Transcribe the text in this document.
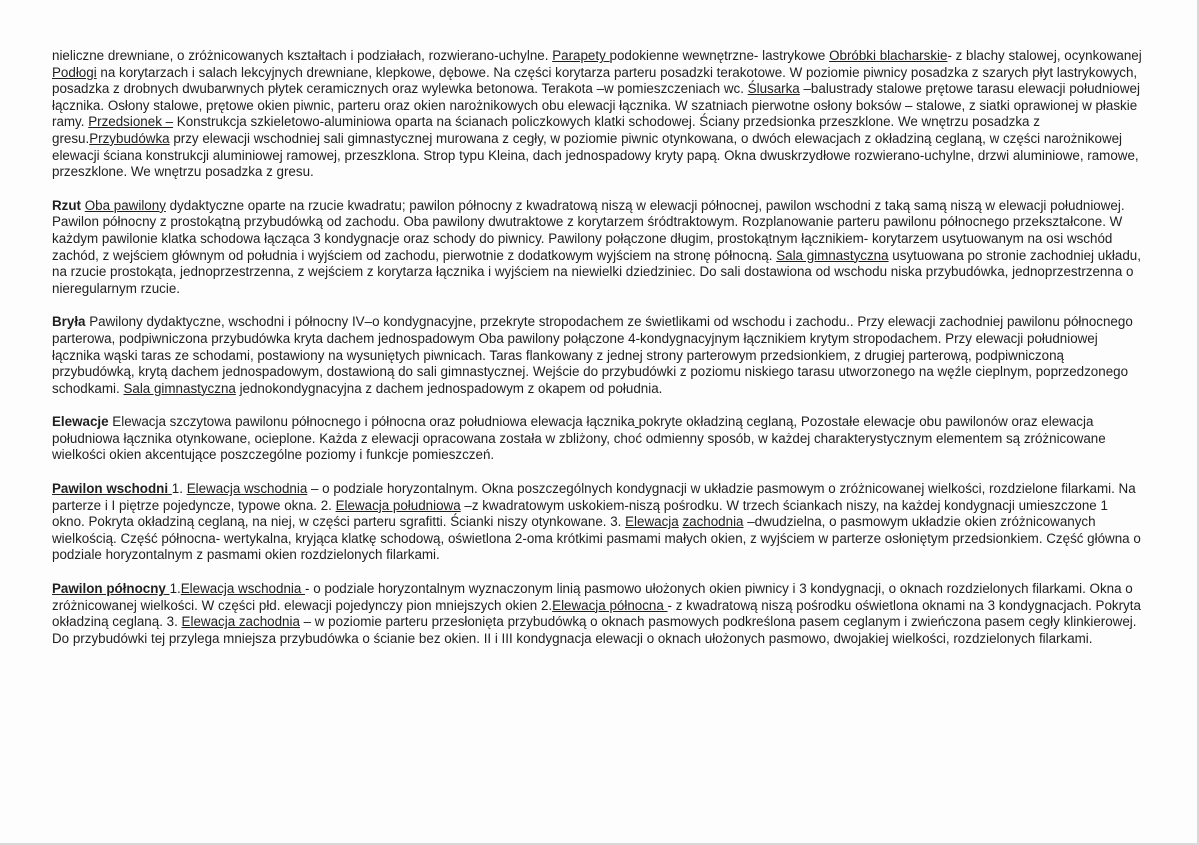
nieliczne drewniane, o zróżnicowanych kształtach i podziałach, rozwierano-uchylne. Parapety podokienne wewnętrzne- lastrykowe Obróbki blacharskie- z blachy stalowej, ocynkowanej Podłogi na korytarzach i salach lekcyjnych drewniane, klepkowe, dębowe. Na części korytarza parteru posadzki terakotowe. W poziomie piwnicy posadzka z szarych płyt lastrykowych, posadzka z drobnych dwubarwnych płytek ceramicznych oraz wylewka betonowa. Terakota –w pomieszczeniach wc. Ślusarka –balustrady stalowe prętowe tarasu elewacji południowej łącznika. Osłony stalowe, prętowe okien piwnic, parteru oraz okien narożnikowych obu elewacji łącznika. W szatniach pierwotne osłony boksów – stalowe, z siatki oprawionej w płaskie ramy. Przedsionek – Konstrukcja szkieletowo-aluminiowa oparta na ścianach policzkowych klatki schodowej. Ściany przedsionka przeszklone. We wnętrzu posadzka z gresu.Przybudówka przy elewacji wschodniej sali gimnastycznej murowana z cegły, w poziomie piwnic otynkowana, o dwóch elewacjach z okładziną ceglaną, w części narożnikowej elewacji ściana konstrukcji aluminiowej ramowej, przeszklona. Strop typu Kleina, dach jednospadowy kryty papą. Okna dwuskrzydłowe rozwierano-uchylne, drzwi aluminiowe, ramowe, przeszklone. We wnętrzu posadzka z gresu.

Rzut Oba pawilony dydaktyczne oparte na rzucie kwadratu; pawilon północny z kwadratową niszą w elewacji północnej, pawilon wschodni z taką samą niszą w elewacji południowej. Pawilon północny z prostokątną przybudówką od zachodu. Oba pawilony dwutraktowe z korytarzem śródtraktowym. Rozplanowanie parteru pawilonu północnego przekształcone. W każdym pawilonie klatka schodowa łącząca 3 kondygnacje oraz schody do piwnicy. Pawilony połączone długim, prostokątnym łącznikiem- korytarzem usytuowanym na osi wschód zachód, z wejściem głównym od południa i wyjściem od zachodu, pierwotnie z dodatkowym wyjściem na stronę północną. Sala gimnastyczna usytuowana po stronie zachodniej układu, na rzucie prostokąta, jednoprzestrzenna, z wejściem z korytarza łącznika i wyjściem na niewielki dziedziniec. Do sali dostawiona od wschodu niska przybudówka, jednoprzestrzenna o nieregularnym rzucie.

Bryła Pawilony dydaktyczne, wschodni i północny IV–o kondygnacyjne, przekryte stropodachem ze świetlikami od wschodu i zachodu.. Przy elewacji zachodniej pawilonu północnego parterowa, podpiwniczona przybudówka kryta dachem jednospadowym Oba pawilony połączone 4-kondygnacyjnym łącznikiem krytym stropodachem. Przy elewacji południowej łącznika wąski taras ze schodami, postawiony na wysuniętych piwnicach. Taras flankowany z jednej strony parterowym przedsionkiem, z drugiej parterową, podpiwniczoną przybudówką, krytą dachem jednospadowym, dostawioną do sali gimnastycznej. Wejście do przybudówki z poziomu niskiego tarasu utworzonego na węźle cieplnym, poprzedzonego schodkami. Sala gimnastyczna jednokondygnacyjna z dachem jednospadowym z okapem od południa.

Elewacje Elewacja szczytowa pawilonu północnego i północna oraz południowa elewacja łącznika pokryte okładziną ceglaną, Pozostałe elewacje obu pawilonów oraz elewacja południowa łącznika otynkowane, ocieplone. Każda z elewacji opracowana została w zbliżony, choć odmienny sposób, w każdej charakterystycznym elementem są zróżnicowane wielkości okien akcentujące poszczególne poziomy i funkcje pomieszczeń.

Pawilon wschodni 1. Elewacja wschodnia – o podziale horyzontalnym. Okna poszczególnych kondygnacji w układzie pasmowym o zróżnicowanej wielkości, rozdzielone filarkami. Na parterze i I piętrze pojedyncze, typowe okna. 2. Elewacja południowa –z kwadratowym uskokiem-niszą pośrodku. W trzech ściankach niszy, na każdej kondygnacji umieszczone 1 okno. Pokryta okładziną ceglaną, na niej, w części parteru sgrafitti. Ścianki niszy otynkowane. 3. Elewacja zachodnia –dwudzielna, o pasmowym układzie okien zróżnicowanych wielkością. Część północna- wertykalna, kryjąca klatkę schodową, oświetlona 2-oma krótkimi pasmami małych okien, z wyjściem w parterze osłoniętym przedsionkiem. Część główna o podziale horyzontalnym z pasmami okien rozdzielonych filarkami.

Pawilon północny 1.Elewacja wschodnia - o podziale horyzontalnym wyznaczonym linią pasmowo ułożonych okien piwnicy i 3 kondygnacji, o oknach rozdzielonych filarkami. Okna o zróżnicowanej wielkości. W części płd. elewacji pojedynczy pion mniejszych okien 2.Elewacja północna - z kwadratową niszą pośrodku oświetlona oknami na 3 kondygnacjach. Pokryta okładziną ceglaną. 3. Elewacja zachodnia – w poziomie parteru przesłonięta przybudówką o oknach pasmowych podkreślona pasem ceglanym i zwieńczona pasem cegły klinkierowej. Do przybudówki tej przylega mniejsza przybudówka o ścianie bez okien. II i III kondygnacja elewacji o oknach ułożonych pasmowo, dwojakiej wielkości, rozdzielonych filarkami.
